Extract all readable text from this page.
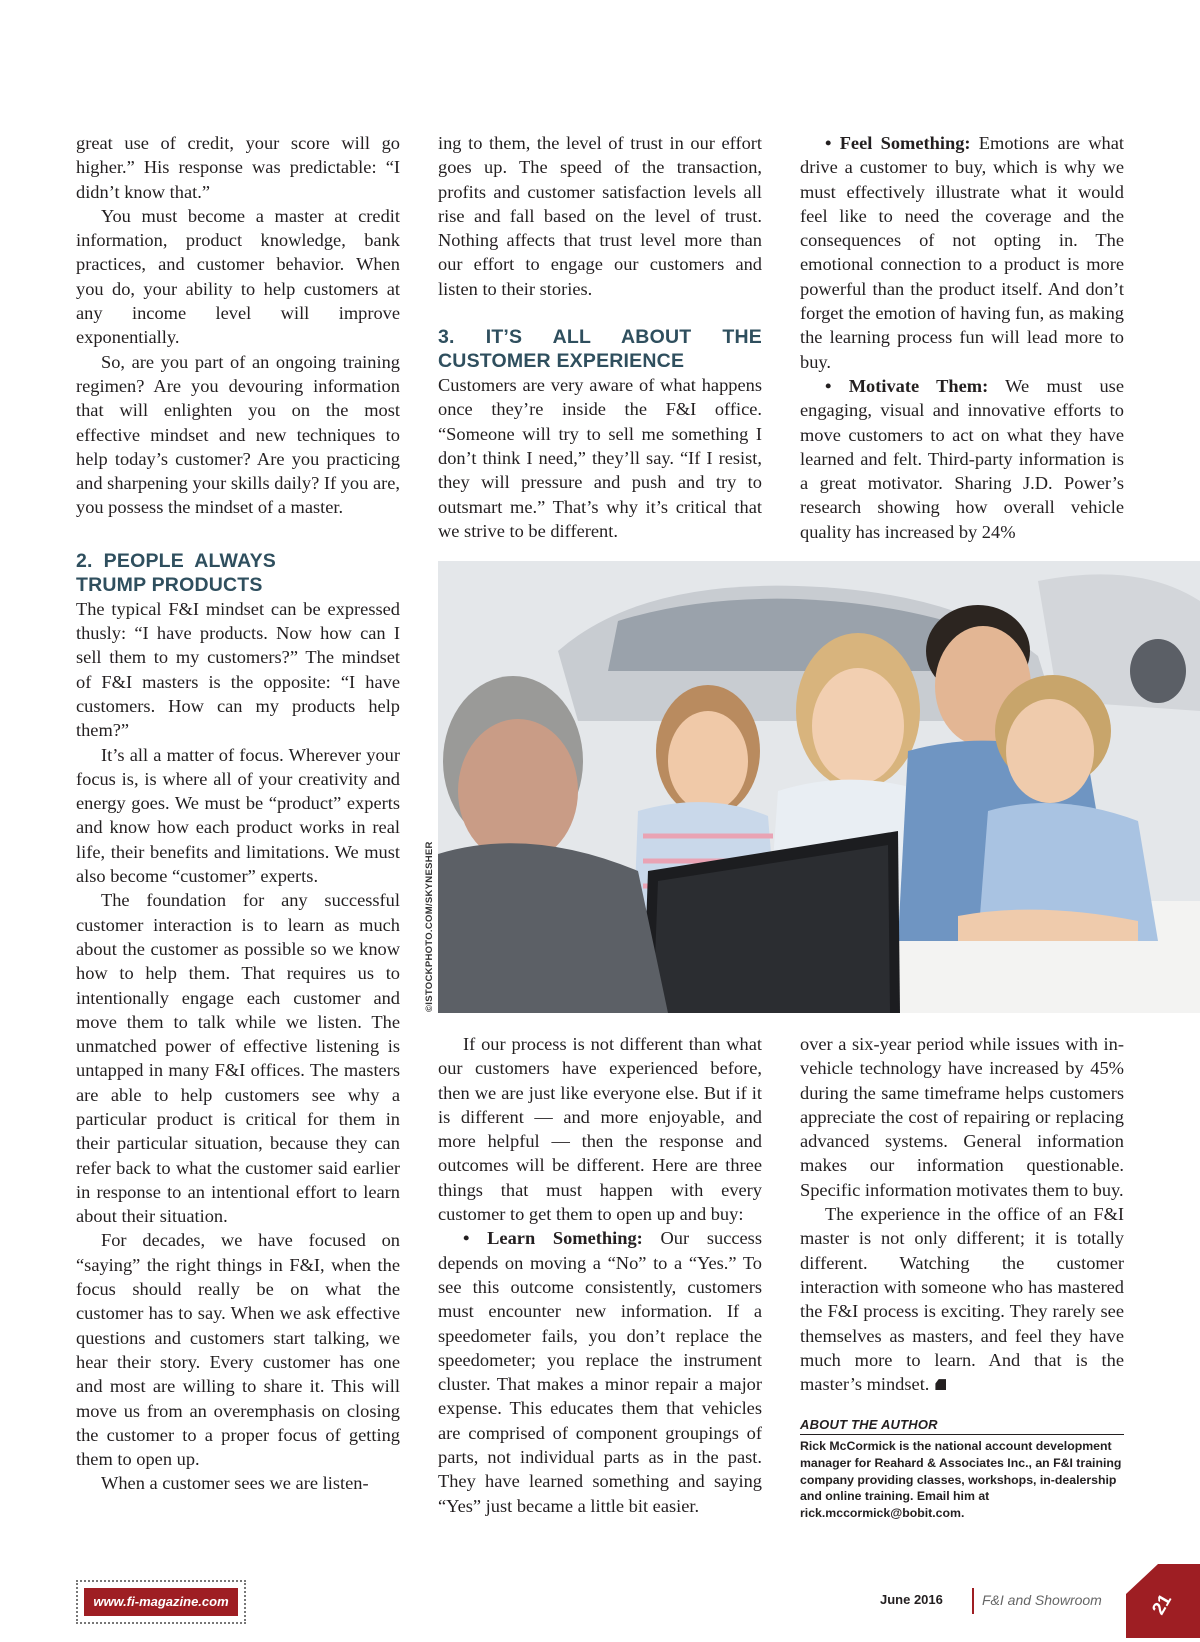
great use of credit, your score will go higher.” His response was predictable: “I didn’t know that.”

You must become a master at credit information, product knowledge, bank practices, and customer behavior. When you do, your ability to help customers at any income level will improve exponentially.

So, are you part of an ongoing training regimen? Are you devouring information that will enlighten you on the most effective mindset and new techniques to help today’s customer? Are you practicing and sharpening your skills daily? If you are, you possess the mindset of a master.

2. PEOPLE ALWAYS TRUMP PRODUCTS

The typical F&I mindset can be expressed thusly: “I have products. Now how can I sell them to my customers?” The mindset of F&I masters is the opposite: “I have customers. How can my products help them?”

It’s all a matter of focus. Wherever your focus is, is where all of your creativity and energy goes. We must be “product” experts and know how each product works in real life, their benefits and limitations. We must also become “customer” experts.

The foundation for any successful customer interaction is to learn as much about the customer as possible so we know how to help them. That requires us to intentionally engage each customer and move them to talk while we listen. The unmatched power of effective listening is untapped in many F&I offices. The masters are able to help customers see why a particular product is critical for them in their particular situation, because they can refer back to what the customer said earlier in response to an intentional effort to learn about their situation.

For decades, we have focused on “saying” the right things in F&I, when the focus should really be on what the customer has to say. When we ask effective questions and customers start talking, we hear their story. Every customer has one and most are willing to share it. This will move us from an overemphasis on closing the customer to a proper focus of getting them to open up.

When a customer sees we are listen-

ing to them, the level of trust in our effort goes up. The speed of the transaction, profits and customer satisfaction levels all rise and fall based on the level of trust. Nothing affects that trust level more than our effort to engage our customers and listen to their stories.

3. IT’S ALL ABOUT THE CUSTOMER EXPERIENCE

Customers are very aware of what happens once they’re inside the F&I office. “Someone will try to sell me something I don’t think I need,” they’ll say. “If I resist, they will pressure and push and try to outsmart me.” That’s why it’s critical that we strive to be different.

• Feel Something: Emotions are what drive a customer to buy, which is why we must effectively illustrate what it would feel like to need the coverage and the consequences of not opting in. The emotional connection to a product is more powerful than the product itself. And don’t forget the emotion of having fun, as making the learning process fun will lead more to buy.

• Motivate Them: We must use engaging, visual and innovative efforts to move customers to act on what they have learned and felt. Third-party information is a great motivator. Sharing J.D. Power’s research showing how overall vehicle quality has increased by 24%

©ISTOCKPHOTO.COM/SKYNESHER

If our process is not different than what our customers have experienced before, then we are just like everyone else. But if it is different — and more enjoyable, and more helpful — then the response and outcomes will be different. Here are three things that must happen with every customer to get them to open up and buy:

• Learn Something: Our success depends on moving a “No” to a “Yes.” To see this outcome consistently, customers must encounter new information. If a speedometer fails, you don’t replace the speedometer; you replace the instrument cluster. That makes a minor repair a major expense. This educates them that vehicles are comprised of component groupings of parts, not individual parts as in the past. They have learned something and saying “Yes” just became a little bit easier.

over a six-year period while issues with in-vehicle technology have increased by 45% during the same timeframe helps customers appreciate the cost of repairing or replacing advanced systems. General information makes our information questionable. Specific information motivates them to buy.

The experience in the office of an F&I master is not only different; it is totally different. Watching the customer interaction with someone who has mastered the F&I process is exciting. They rarely see themselves as masters, and feel they have much more to learn. And that is the master’s mindset.

ABOUT THE AUTHOR
Rick McCormick is the national account development manager for Reahard & Associates Inc., an F&I training company providing classes, workshops, in-dealership and online training. Email him at rick.mccormick@bobit.com.
www.fi-magazine.com	June 2016	F&I and Showroom	21
